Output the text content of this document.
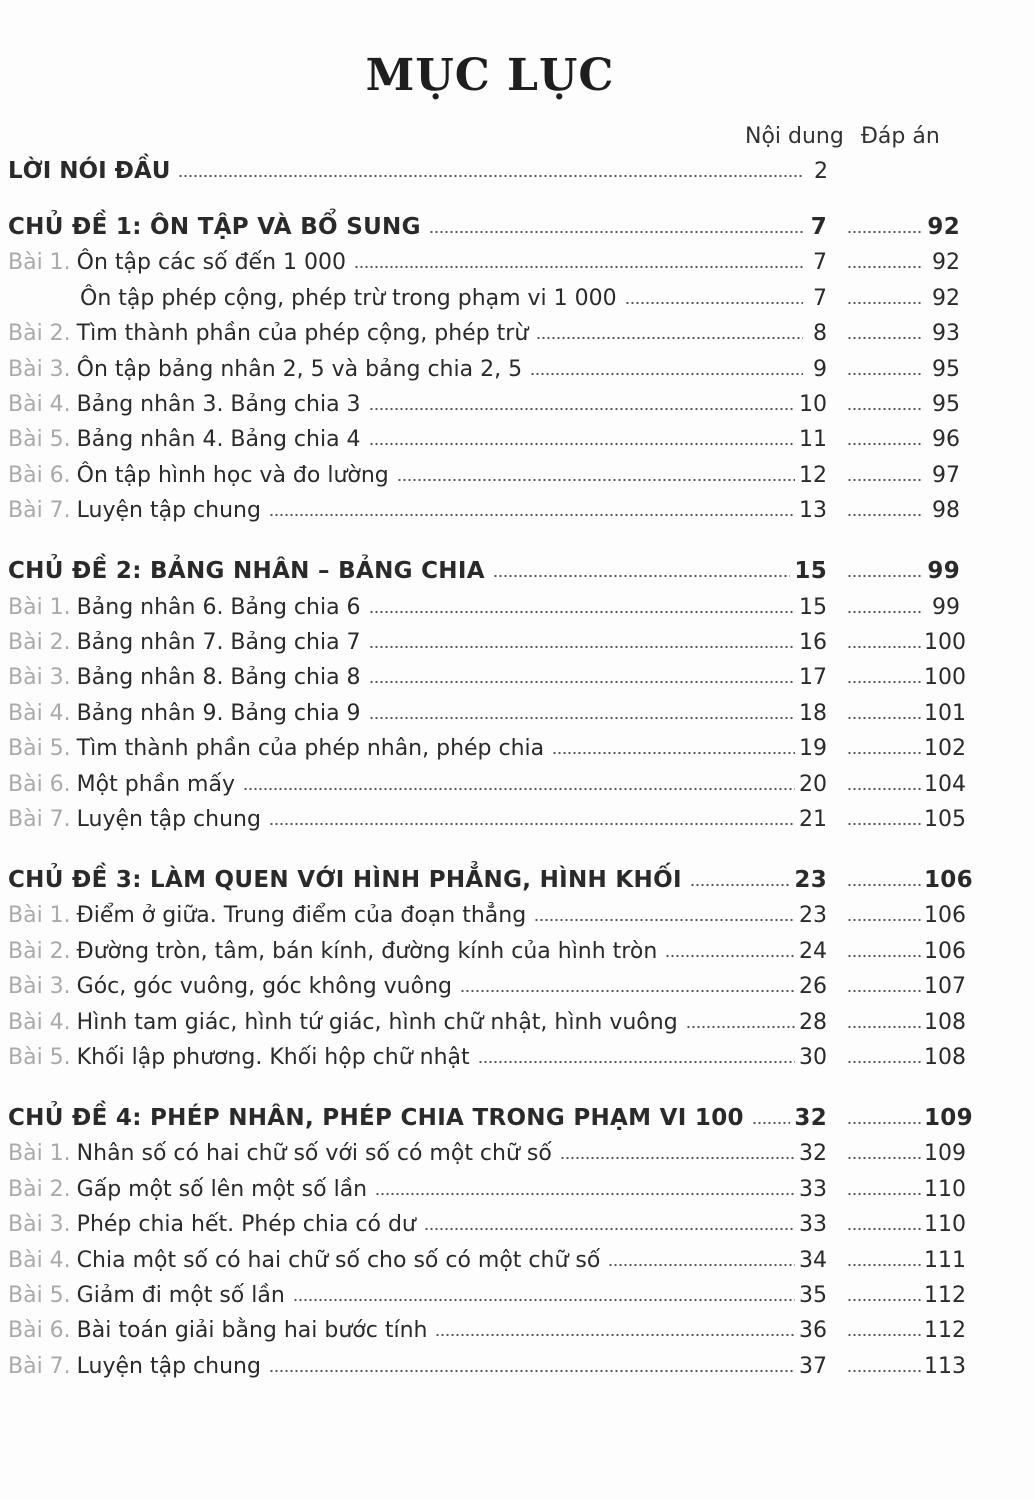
MỤC LỤC
Nội dung Đáp án
LỜI NÓI ĐẦU	2
CHỦ ĐỀ 1: ÔN TẬP VÀ BỔ SUNG	7	92
Bài 1. Ôn tập các số đến 1 000	7	92
Ôn tập phép cộng, phép trừ trong phạm vi 1 000	7	92
Bài 2. Tìm thành phần của phép cộng, phép trừ	8	93
Bài 3. Ôn tập bảng nhân 2, 5 và bảng chia 2, 5	9	95
Bài 4. Bảng nhân 3. Bảng chia 3	10	95
Bài 5. Bảng nhân 4. Bảng chia 4	11	96
Bài 6. Ôn tập hình học và đo lường	12	97
Bài 7. Luyện tập chung	13	98
CHỦ ĐỀ 2: BẢNG NHÂN – BẢNG CHIA	15	99
Bài 1. Bảng nhân 6. Bảng chia 6	15	99
Bài 2. Bảng nhân 7. Bảng chia 7	16	100
Bài 3. Bảng nhân 8. Bảng chia 8	17	100
Bài 4. Bảng nhân 9. Bảng chia 9	18	101
Bài 5. Tìm thành phần của phép nhân, phép chia	19	102
Bài 6. Một phần mấy	20	104
Bài 7. Luyện tập chung	21	105
CHỦ ĐỀ 3: LÀM QUEN VỚI HÌNH PHẲNG, HÌNH KHỐI	23	106
Bài 1. Điểm ở giữa. Trung điểm của đoạn thẳng	23	106
Bài 2. Đường tròn, tâm, bán kính, đường kính của hình tròn	24	106
Bài 3. Góc, góc vuông, góc không vuông	26	107
Bài 4. Hình tam giác, hình tứ giác, hình chữ nhật, hình vuông	28	108
Bài 5. Khối lập phương. Khối hộp chữ nhật	30	108
CHỦ ĐỀ 4: PHÉP NHÂN, PHÉP CHIA TRONG PHẠM VI 100	32	109
Bài 1. Nhân số có hai chữ số với số có một chữ số	32	109
Bài 2. Gấp một số lên một số lần	33	110
Bài 3. Phép chia hết. Phép chia có dư	33	110
Bài 4. Chia một số có hai chữ số cho số có một chữ số	34	111
Bài 5. Giảm đi một số lần	35	112
Bài 6. Bài toán giải bằng hai bước tính	36	112
Bài 7. Luyện tập chung	37	113
